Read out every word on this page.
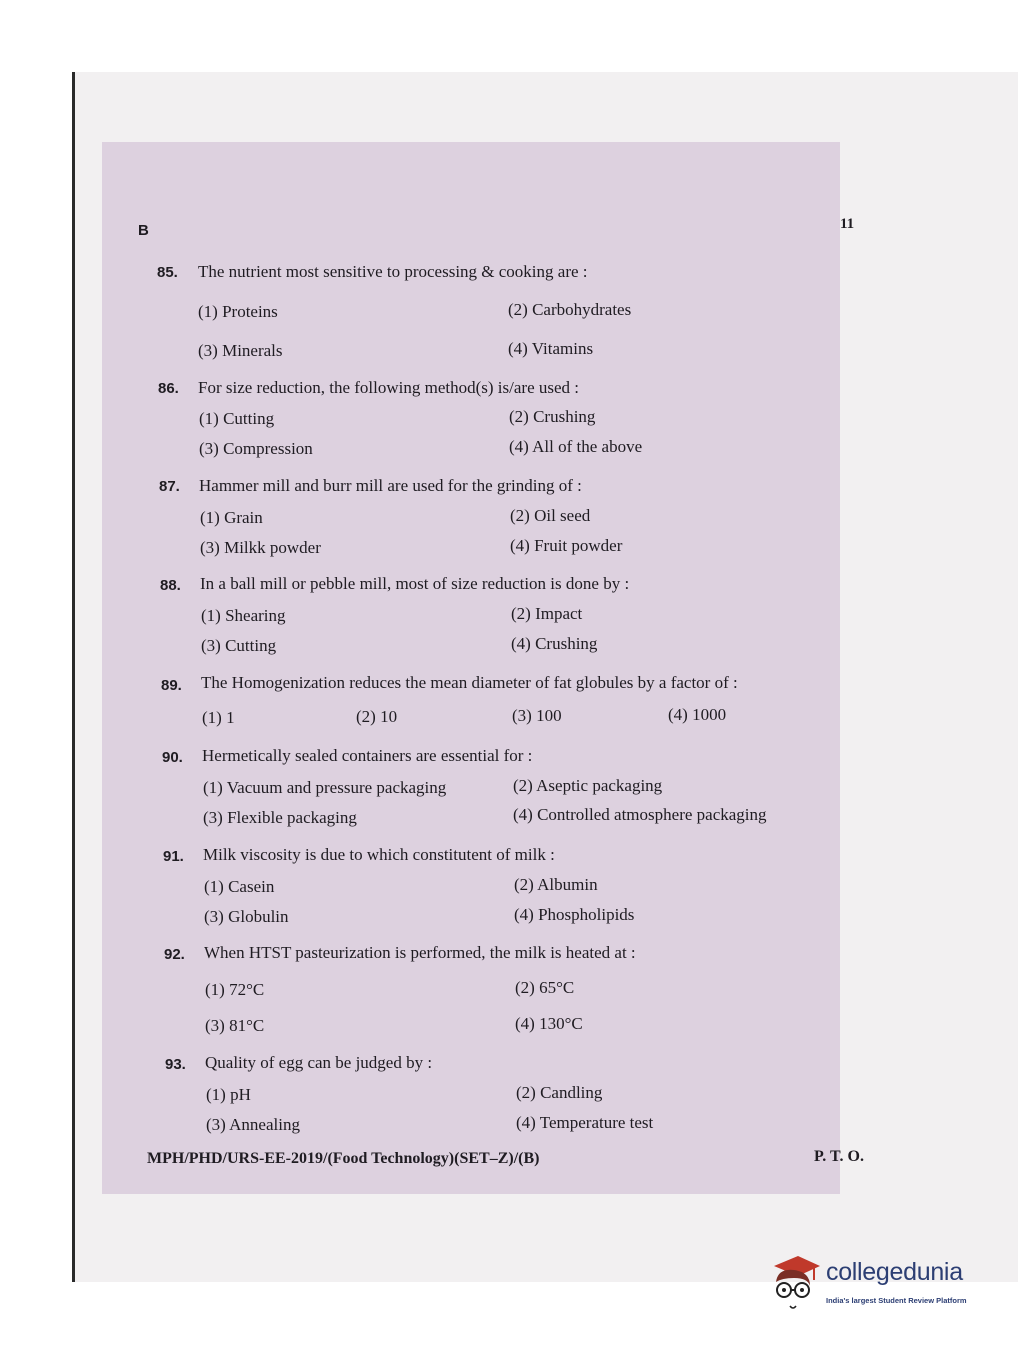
B	11
85. The nutrient most sensitive to processing & cooking are :
(1) Proteins	(2) Carbohydrates
(3) Minerals	(4) Vitamins
86. For size reduction, the following method(s) is/are used :
(1) Cutting	(2) Crushing
(3) Compression	(4) All of the above
87. Hammer mill and burr mill are used for the grinding of :
(1) Grain	(2) Oil seed
(3) Milkk powder	(4) Fruit powder
88. In a ball mill or pebble mill, most of size reduction is done by :
(1) Shearing	(2) Impact
(3) Cutting	(4) Crushing
89. The Homogenization reduces the mean diameter of fat globules by a factor of :
(1) 1	(2) 10	(3) 100	(4) 1000
90. Hermetically sealed containers are essential for :
(1) Vacuum and pressure packaging	(2) Aseptic packaging
(3) Flexible packaging	(4) Controlled atmosphere packaging
91. Milk viscosity is due to which constitutent of milk :
(1) Casein	(2) Albumin
(3) Globulin	(4) Phospholipids
92. When HTST pasteurization is performed, the milk is heated at :
(1) 72°C	(2) 65°C
(3) 81°C	(4) 130°C
93. Quality of egg can be judged by :
(1) pH	(2) Candling
(3) Annealing	(4) Temperature test
MPH/PHD/URS-EE-2019/(Food Technology)(SET–Z)/(B)	P. T. O.
collegedunia
India's largest Student Review Platform
